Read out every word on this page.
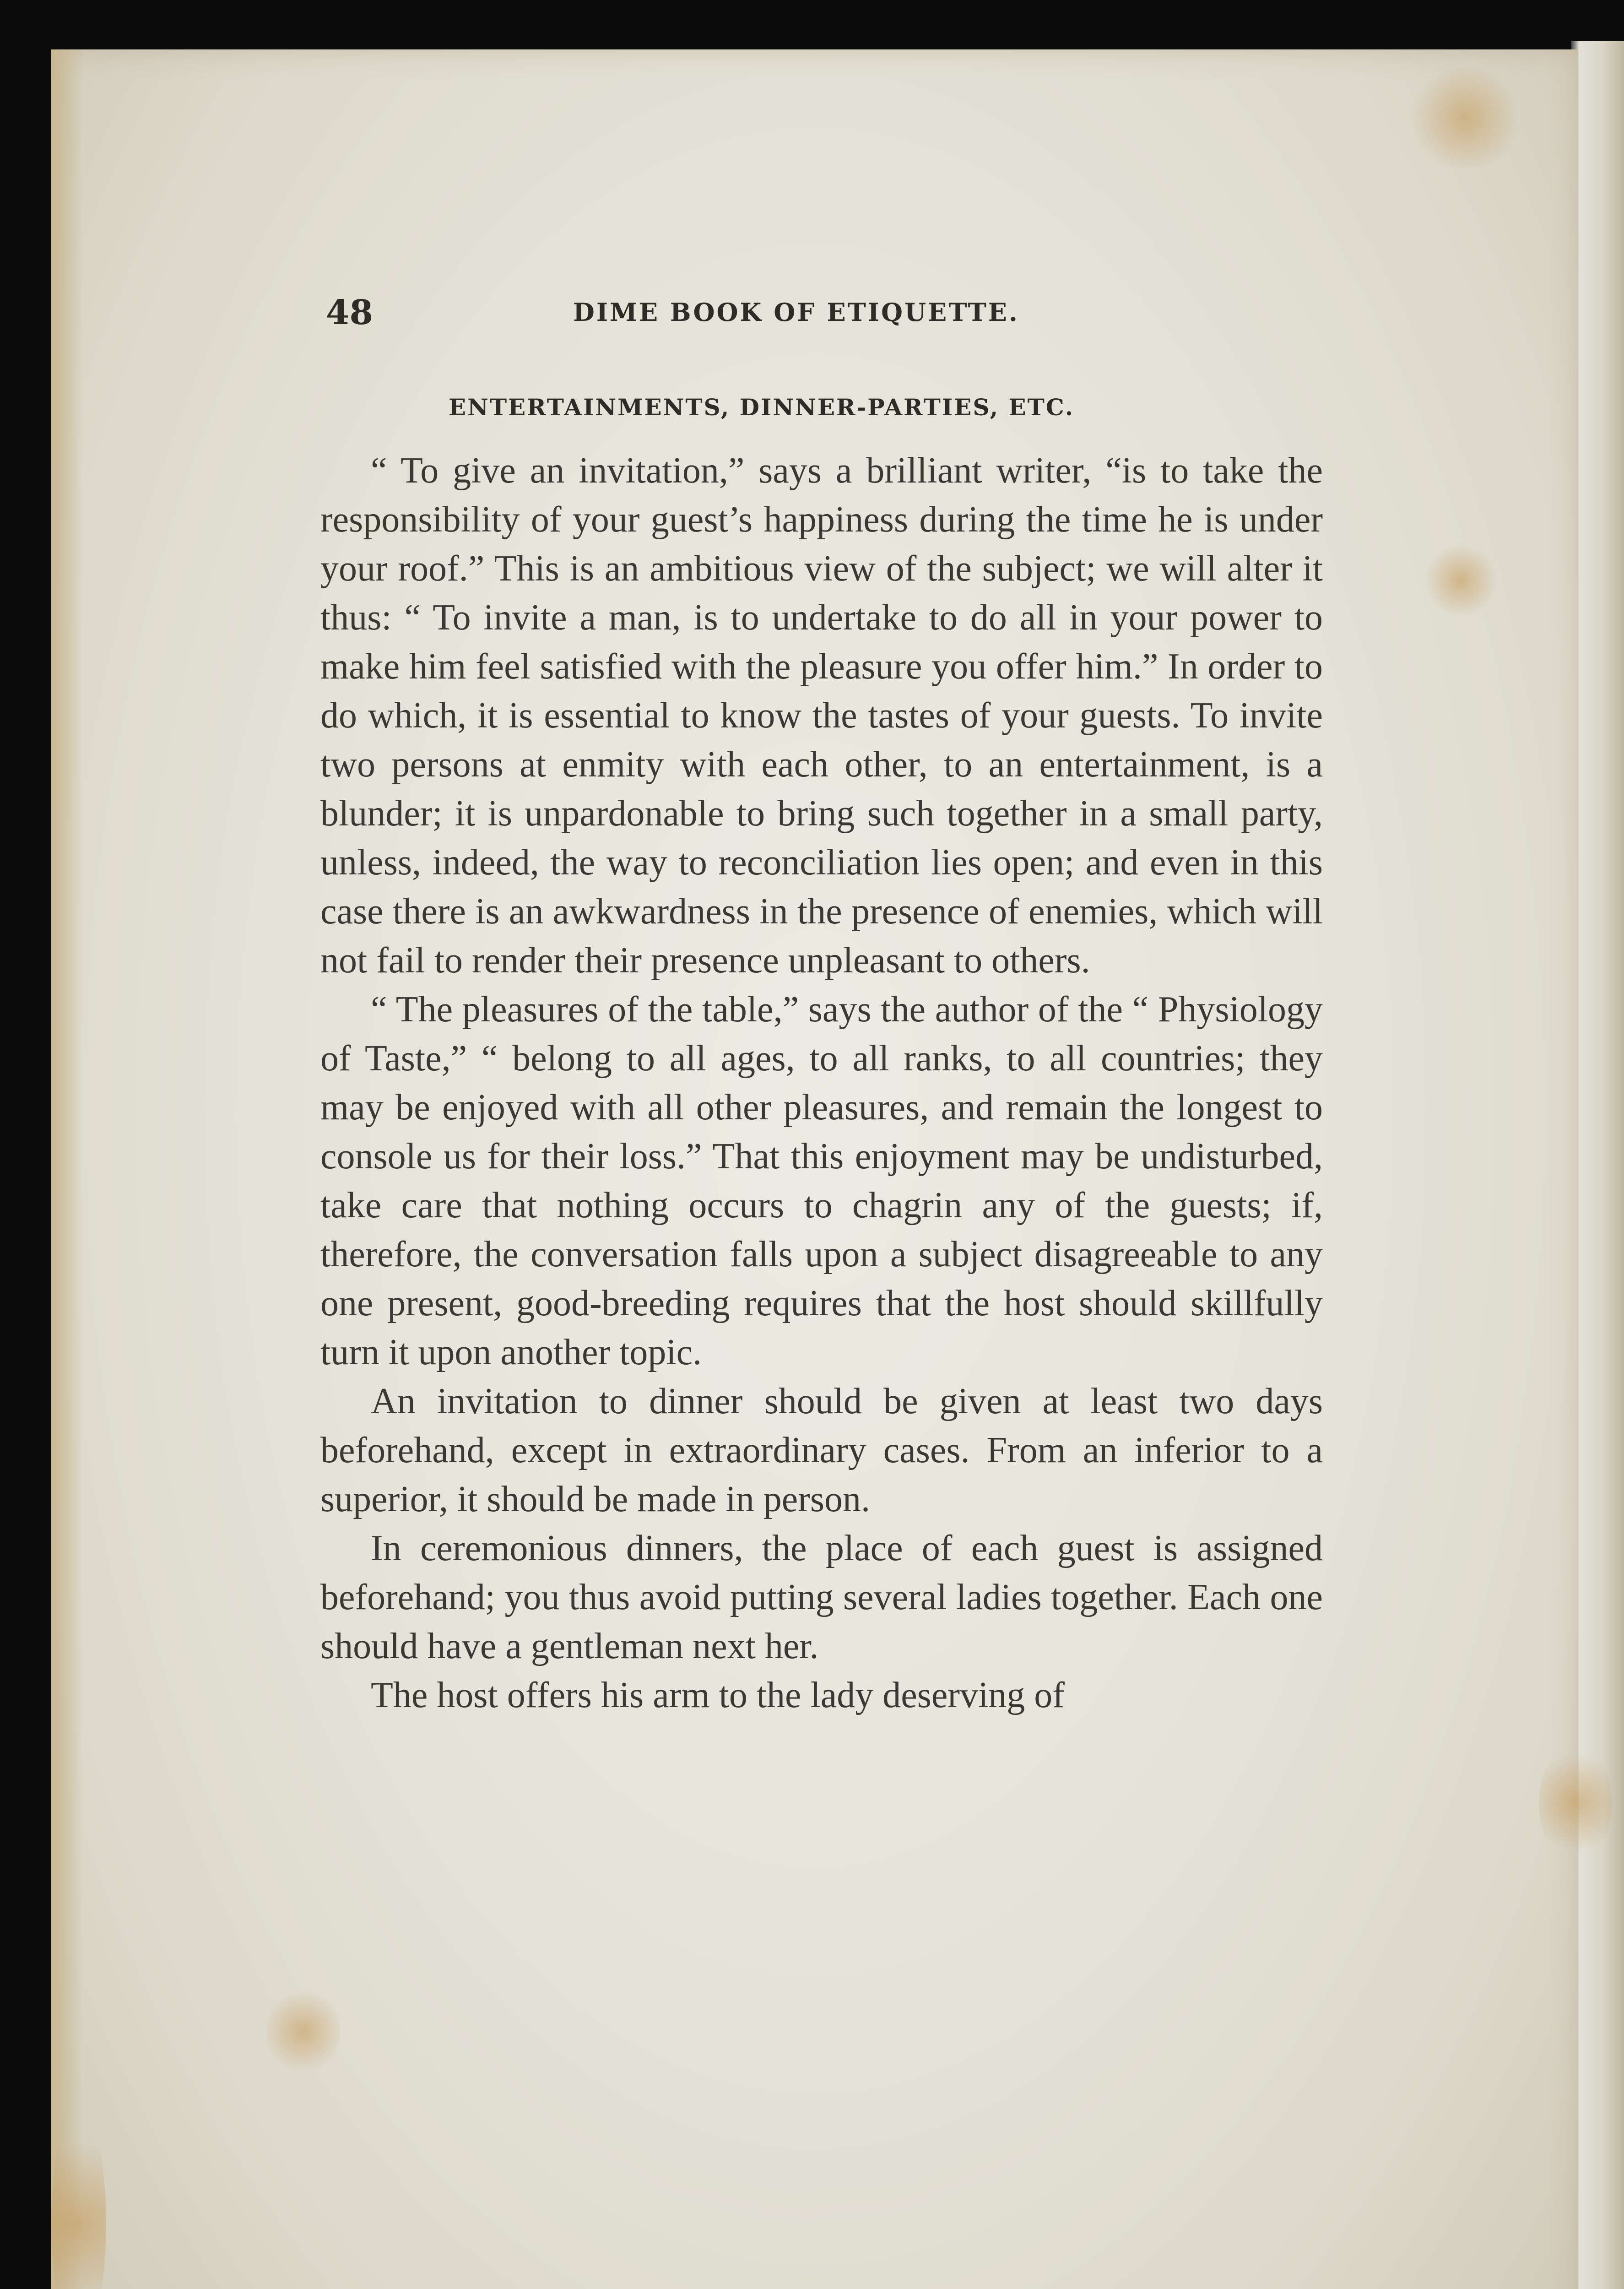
48	DIME BOOK OF ETIQUETTE.
ENTERTAINMENTS, DINNER-PARTIES, ETC.

“ To give an invitation,” says a brilliant writer, “is to take the responsibility of your guest’s happiness during the time he is under your roof.” This is an ambitious view of the subject; we will alter it thus: “ To invite a man, is to undertake to do all in your power to make him feel satisfied with the pleasure you offer him.” In order to do which, it is essential to know the tastes of your guests. To invite two persons at enmity with each other, to an entertainment, is a blunder; it is unpardonable to bring such together in a small party, unless, indeed, the way to reconciliation lies open; and even in this case there is an awkwardness in the presence of enemies, which will not fail to render their presence unpleasant to others.

“ The pleasures of the table,” says the author of the “ Physiology of Taste,” “ belong to all ages, to all ranks, to all countries; they may be enjoyed with all other pleasures, and remain the longest to console us for their loss.” That this enjoyment may be undisturbed, take care that nothing occurs to chagrin any of the guests; if, therefore, the conversation falls upon a subject disagreeable to any one present, good-breeding requires that the host should skillfully turn it upon another topic.

An invitation to dinner should be given at least two days beforehand, except in extraordinary cases. From an inferior to a superior, it should be made in person.

In ceremonious dinners, the place of each guest is assigned beforehand; you thus avoid putting several ladies together. Each one should have a gentleman next her.

The host offers his arm to the lady deserving of
